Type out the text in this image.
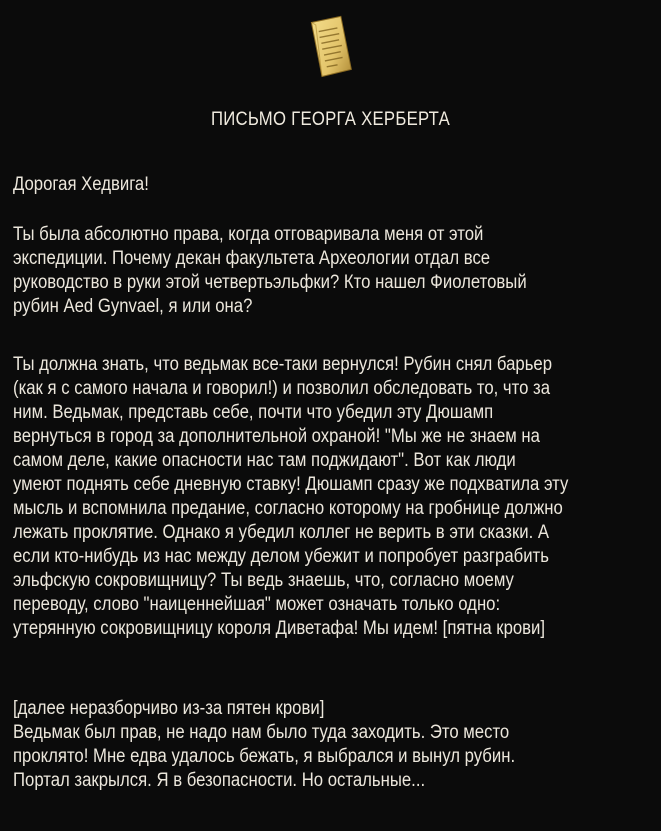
ПИСЬМО ГЕОРГА ХЕРБЕРТА
Дорогая Хедвига!
Ты была абсолютно права, когда отговаривала меня от этой
экспедиции. Почему декан факультета Археологии отдал все
руководство в руки этой четвертьэльфки? Кто нашел Фиолетовый
рубин Aed Gynvael, я или она?
Ты должна знать, что ведьмак все-таки вернулся! Рубин снял барьер
(как я с самого начала и говорил!) и позволил обследовать то, что за
ним. Ведьмак, представь себе, почти что убедил эту Дюшамп
вернуться в город за дополнительной охраной! "Мы же не знаем на
самом деле, какие опасности нас там поджидают". Вот как люди
умеют поднять себе дневную ставку! Дюшамп сразу же подхватила эту
мысль и вспомнила предание, согласно которому на гробнице должно
лежать проклятие. Однако я убедил коллег не верить в эти сказки. А
если кто-нибудь из нас между делом убежит и попробует разграбить
эльфскую сокровищницу? Ты ведь знаешь, что, согласно моему
переводу, слово "наиценнейшая" может означать только одно:
утерянную сокровищницу короля Диветафа! Мы идем! [пятна крови]
[далее неразборчиво из-за пятен крови]
Ведьмак был прав, не надо нам было туда заходить. Это место
проклято! Мне едва удалось бежать, я выбрался и вынул рубин.
Портал закрылся. Я в безопасности. Но остальные...
